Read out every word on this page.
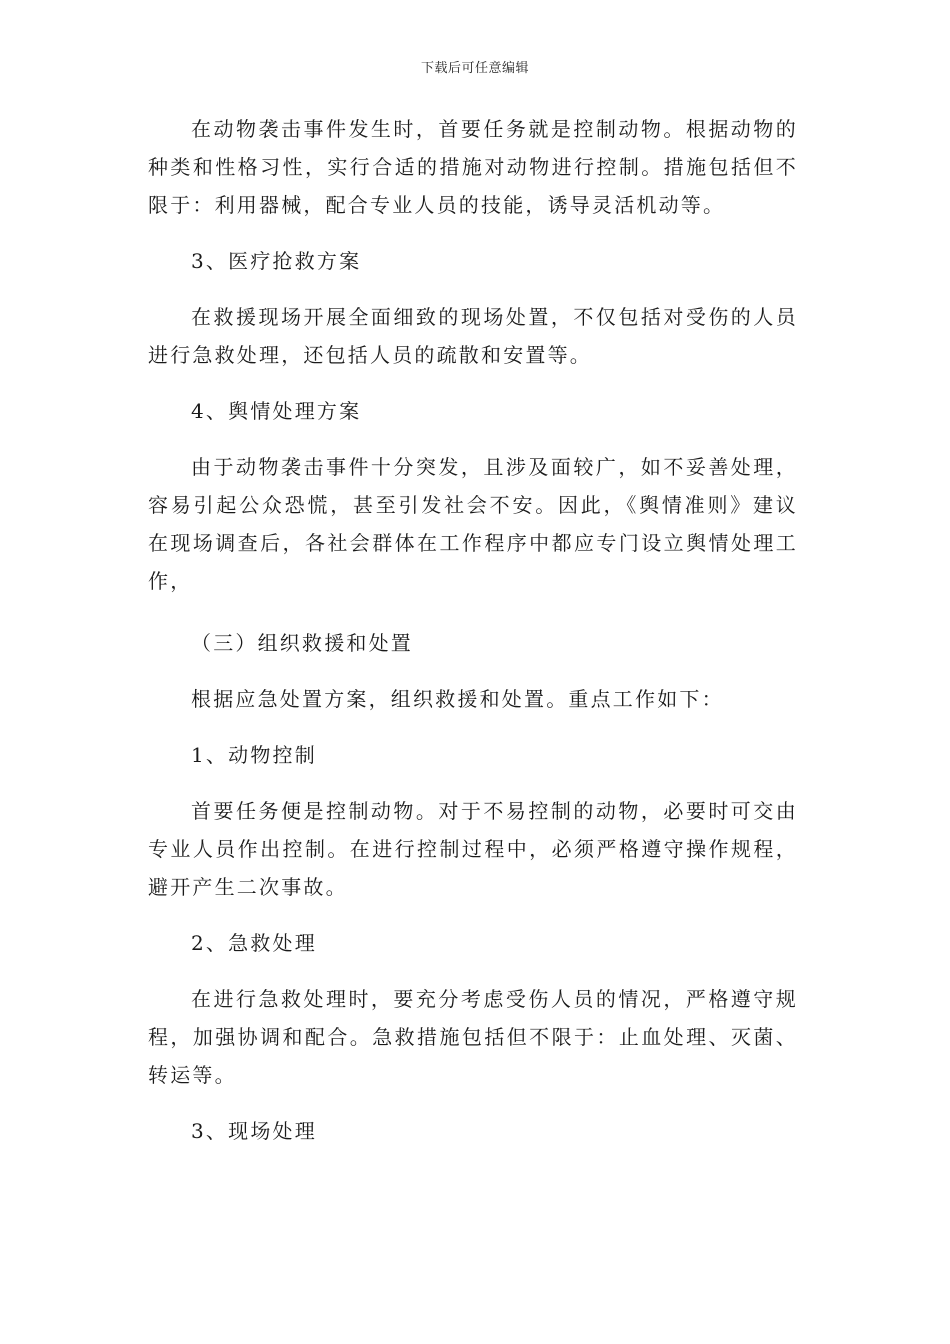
下载后可任意编辑

在动物袭击事件发生时，首要任务就是控制动物。根据动物的种类和性格习性，实行合适的措施对动物进行控制。措施包括但不限于：利用器械，配合专业人员的技能，诱导灵活机动等。

3、医疗抢救方案

在救援现场开展全面细致的现场处置，不仅包括对受伤的人员进行急救处理，还包括人员的疏散和安置等。

4、舆情处理方案

由于动物袭击事件十分突发，且涉及面较广，如不妥善处理，容易引起公众恐慌，甚至引发社会不安。因此，《舆情准则》建议在现场调查后，各社会群体在工作程序中都应专门设立舆情处理工作，

（三）组织救援和处置

根据应急处置方案，组织救援和处置。重点工作如下：

1、动物控制

首要任务便是控制动物。对于不易控制的动物，必要时可交由专业人员作出控制。在进行控制过程中，必须严格遵守操作规程，避开产生二次事故。

2、急救处理

在进行急救处理时，要充分考虑受伤人员的情况，严格遵守规程，加强协调和配合。急救措施包括但不限于：止血处理、灭菌、转运等。

3、现场处理
